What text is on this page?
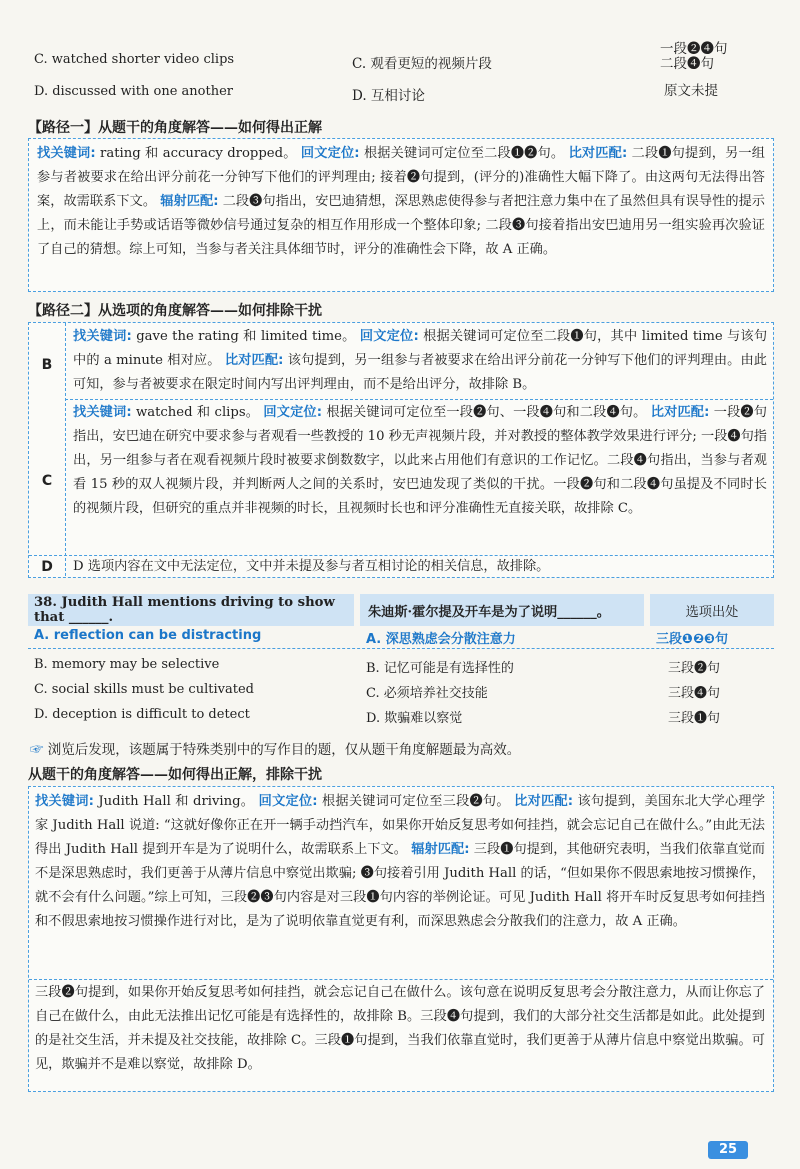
C. watched shorter video clips	C. 观看更短的视频片段
一段❷❹句
二段❹句
D. discussed with one another	D. 互相讨论	原文未提
【路径一】从题干的角度解答——如何得出正解
找关键词: rating 和 accuracy dropped。 回文定位: 根据关键词可定位至二段❶❷句。 比对匹配: 二段❶句提到，另一组参与者被要求在给出评分前花一分钟写下他们的评判理由; 接着❷句提到，(评分的)准确性大幅下降了。由这两句无法得出答案，故需联系下文。 辐射匹配: 二段❸句指出，安巴迪猜想，深思熟虑使得参与者把注意力集中在了虽然但具有误导性的提示上，而未能让手势或话语等微妙信号通过复杂的相互作用形成一个整体印象; 二段❸句接着指出安巴迪用另一组实验再次验证了自己的猜想。综上可知，当参与者关注具体细节时，评分的准确性会下降，故 A 正确。
【路径二】从选项的角度解答——如何排除干扰
B
找关键词: gave the rating 和 limited time。 回文定位: 根据关键词可定位至二段❶句，其中 limited time 与该句中的 a minute 相对应。 比对匹配: 该句提到，另一组参与者被要求在给出评分前花一分钟写下他们的评判理由。由此可知，参与者被要求在限定时间内写出评判理由，而不是给出评分，故排除 B。
C
找关键词: watched 和 clips。 回文定位: 根据关键词可定位至一段❷句、一段❹句和二段❹句。 比对匹配: 一段❷句指出，安巴迪在研究中要求参与者观看一些教授的 10 秒无声视频片段，并对教授的整体教学效果进行评分; 一段❹句指出，另一组参与者在观看视频片段时被要求倒数数字，以此来占用他们有意识的工作记忆。二段❹句指出，当参与者观看 15 秒的双人视频片段，并判断两人之间的关系时，安巴迪发现了类似的干扰。一段❷句和二段❹句虽提及不同时长的视频片段，但研究的重点并非视频的时长，且视频时长也和评分准确性无直接关联，故排除 C。
D	D 选项内容在文中无法定位，文中并未提及参与者互相讨论的相关信息，故排除。
38. Judith Hall mentions driving to show that ______.	朱迪斯·霍尔提及开车是为了说明______。	选项出处
A. reflection can be distracting	A. 深思熟虑会分散注意力	三段❶❷❸句
B. memory may be selective	B. 记忆可能是有选择性的	三段❷句
C. social skills must be cultivated	C. 必须培养社交技能	三段❹句
D. deception is difficult to detect	D. 欺骗难以察觉	三段❶句
☞ 浏览后发现，该题属于特殊类别中的写作目的题，仅从题干角度解题最为高效。
从题干的角度解答——如何得出正解，排除干扰
找关键词: Judith Hall 和 driving。 回文定位: 根据关键词可定位至三段❷句。 比对匹配: 该句提到，美国东北大学心理学家 Judith Hall 说道: “这就好像你正在开一辆手动挡汽车，如果你开始反复思考如何挂挡，就会忘记自己在做什么。”由此无法得出 Judith Hall 提到开车是为了说明什么，故需联系上下文。 辐射匹配: 三段❶句提到，其他研究表明，当我们依靠直觉而不是深思熟虑时，我们更善于从薄片信息中察觉出欺骗; ❸句接着引用 Judith Hall 的话，“但如果你不假思索地按习惯操作，就不会有什么问题。”综上可知，三段❷❸句内容是对三段❶句内容的举例论证。可见 Judith Hall 将开车时反复思考如何挂挡和不假思索地按习惯操作进行对比，是为了说明依靠直觉更有利，而深思熟虑会分散我们的注意力，故 A 正确。
三段❷句提到，如果你开始反复思考如何挂挡，就会忘记自己在做什么。该句意在说明反复思考会分散注意力，从而让你忘了自己在做什么，由此无法推出记忆可能是有选择性的，故排除 B。三段❹句提到，我们的大部分社交生活都是如此。此处提到的是社交生活，并未提及社交技能，故排除 C。三段❶句提到，当我们依靠直觉时，我们更善于从薄片信息中察觉出欺骗。可见，欺骗并不是难以察觉，故排除 D。
25
